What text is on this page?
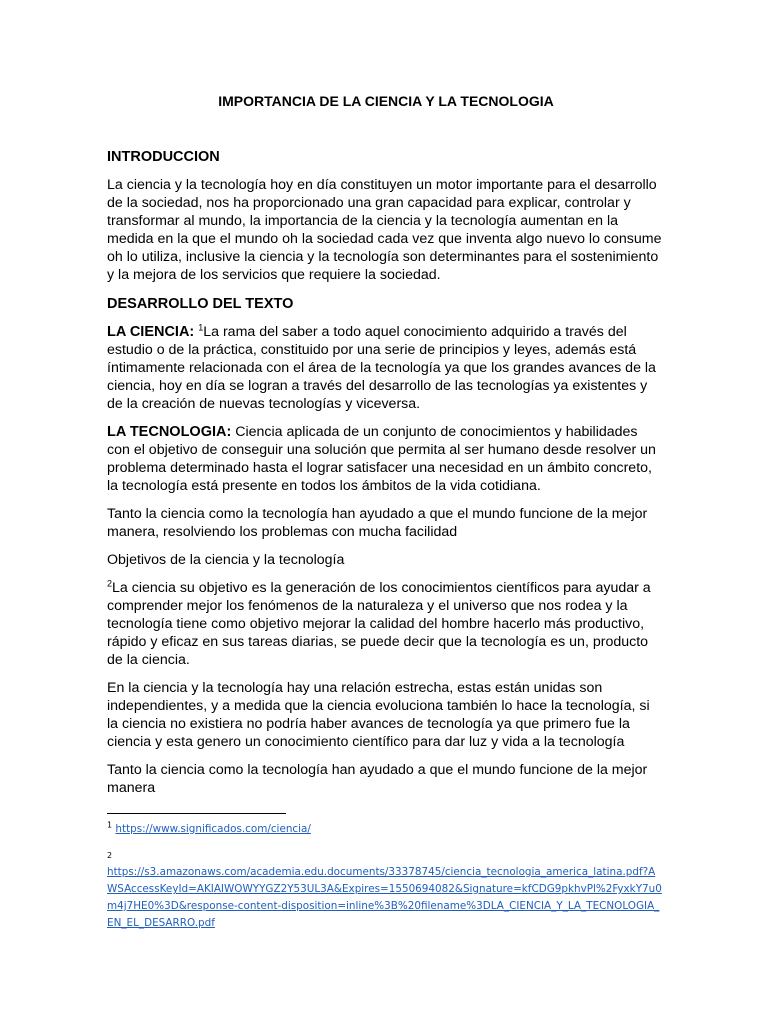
IMPORTANCIA DE LA CIENCIA Y LA TECNOLOGIA
INTRODUCCION

La ciencia y la tecnología hoy en día constituyen un motor importante para el desarrollo de la sociedad, nos ha proporcionado una gran capacidad para explicar, controlar y transformar al mundo, la importancia de la ciencia y la tecnología aumentan en la medida en la que el mundo oh la sociedad cada vez que inventa algo nuevo lo consume oh lo utiliza, inclusive la ciencia y la tecnología son determinantes para el sostenimiento y la mejora de los servicios que requiere la sociedad.

DESARROLLO DEL TEXTO

LA CIENCIA: $^1$La rama del saber a todo aquel conocimiento adquirido a través del estudio o de la práctica, constituido por una serie de principios y leyes, además está íntimamente relacionada con el área de la tecnología ya que los grandes avances de la ciencia, hoy en día se logran a través del desarrollo de las tecnologías ya existentes y de la creación de nuevas tecnologías y viceversa.

LA TECNOLOGIA: Ciencia aplicada de un conjunto de conocimientos y habilidades con el objetivo de conseguir una solución que permita al ser humano desde resolver un problema determinado hasta el lograr satisfacer una necesidad en un ámbito concreto, la tecnología está presente en todos los ámbitos de la vida cotidiana.

Tanto la ciencia como la tecnología han ayudado a que el mundo funcione de la mejor manera, resolviendo los problemas con mucha facilidad

Objetivos de la ciencia y la tecnología

$^2$La ciencia su objetivo es la generación de los conocimientos científicos para ayudar a comprender mejor los fenómenos de la naturaleza y el universo que nos rodea y la tecnología tiene como objetivo mejorar la calidad del hombre hacerlo más productivo, rápido y eficaz en sus tareas diarias, se puede decir que la tecnología es un, producto de la ciencia.

En la ciencia y la tecnología hay una relación estrecha, estas están unidas son independientes, y a medida que la ciencia evoluciona también lo hace la tecnología, si la ciencia no existiera no podría haber avances de tecnología ya que primero fue la ciencia y esta genero un conocimiento científico para dar luz y vida a la tecnología

Tanto la ciencia como la tecnología han ayudado a que el mundo funcione de la mejor manera

$^1$ https://www.significados.com/ciencia/
2
https://s3.amazonaws.com/academia.edu.documents/33378745/ciencia_tecnologia_america_latina.pdf?AWSAccessKeyId=AKIAIWOWYYGZ2Y53UL3A&Expires=1550694082&Signature=kfCDG9pkhvPl%2FyxkY7u0m4j7HE0%3D&response-content-disposition=inline%3B%20filename%3DLA_CIENCIA_Y_LA_TECNOLOGIA_EN_EL_DESARRO.pdf
